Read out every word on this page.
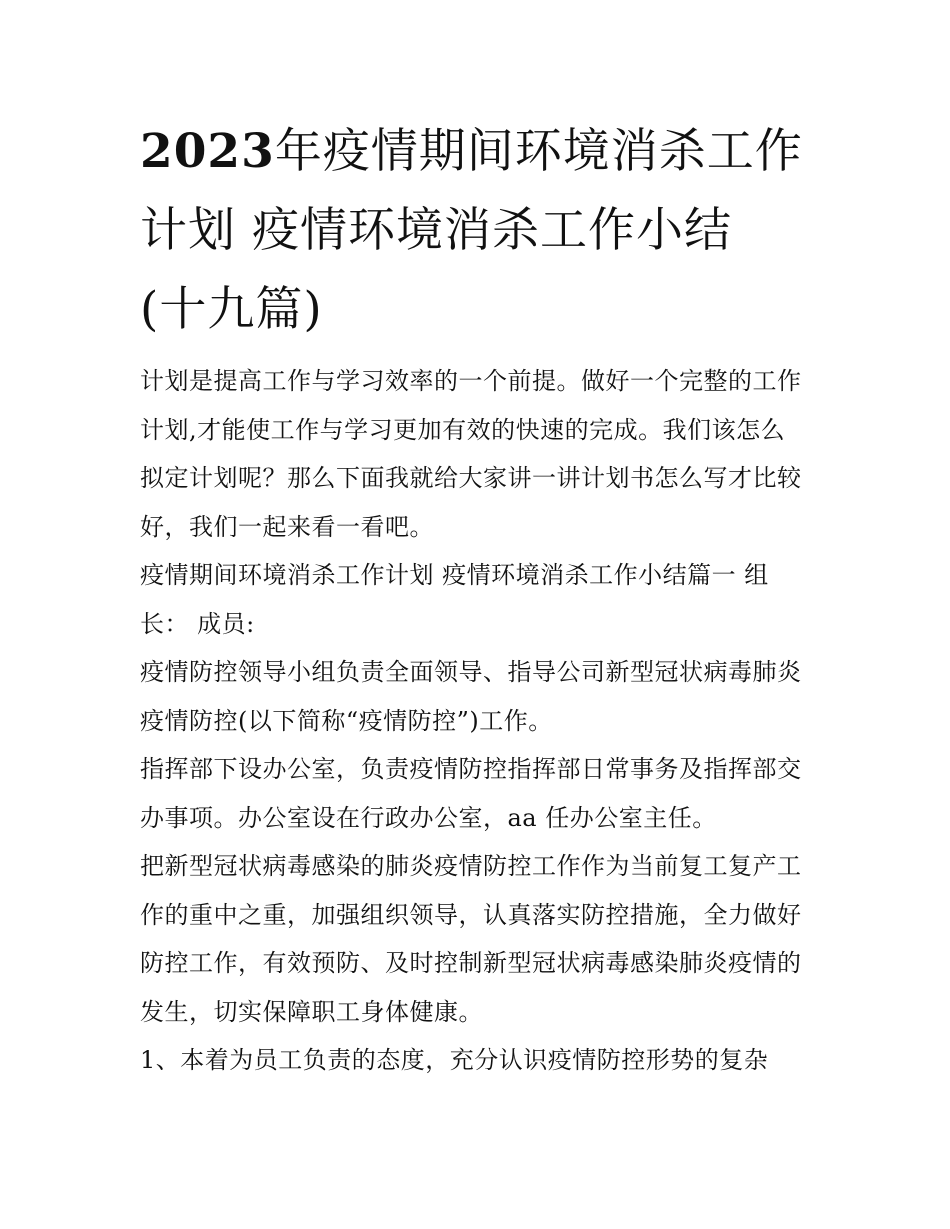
2023年疫情期间环境消杀工作
计划 疫情环境消杀工作小结
(十九篇)

计划是提高工作与学习效率的一个前提。做好一个完整的工作
计划,才能使工作与学习更加有效的快速的完成。我们该怎么
拟定计划呢？那么下面我就给大家讲一讲计划书怎么写才比较
好，我们一起来看一看吧。

疫情期间环境消杀工作计划 疫情环境消杀工作小结篇一 组
长： 成员:

疫情防控领导小组负责全面领导、指导公司新型冠状病毒肺炎
疫情防控(以下简称“疫情防控”)工作。

指挥部下设办公室，负责疫情防控指挥部日常事务及指挥部交
办事项。办公室设在行政办公室，aa 任办公室主任。

把新型冠状病毒感染的肺炎疫情防控工作作为当前复工复产工
作的重中之重，加强组织领导，认真落实防控措施，全力做好
防控工作，有效预防、及时控制新型冠状病毒感染肺炎疫情的
发生，切实保障职工身体健康。

1、本着为员工负责的态度，充分认识疫情防控形势的复杂
